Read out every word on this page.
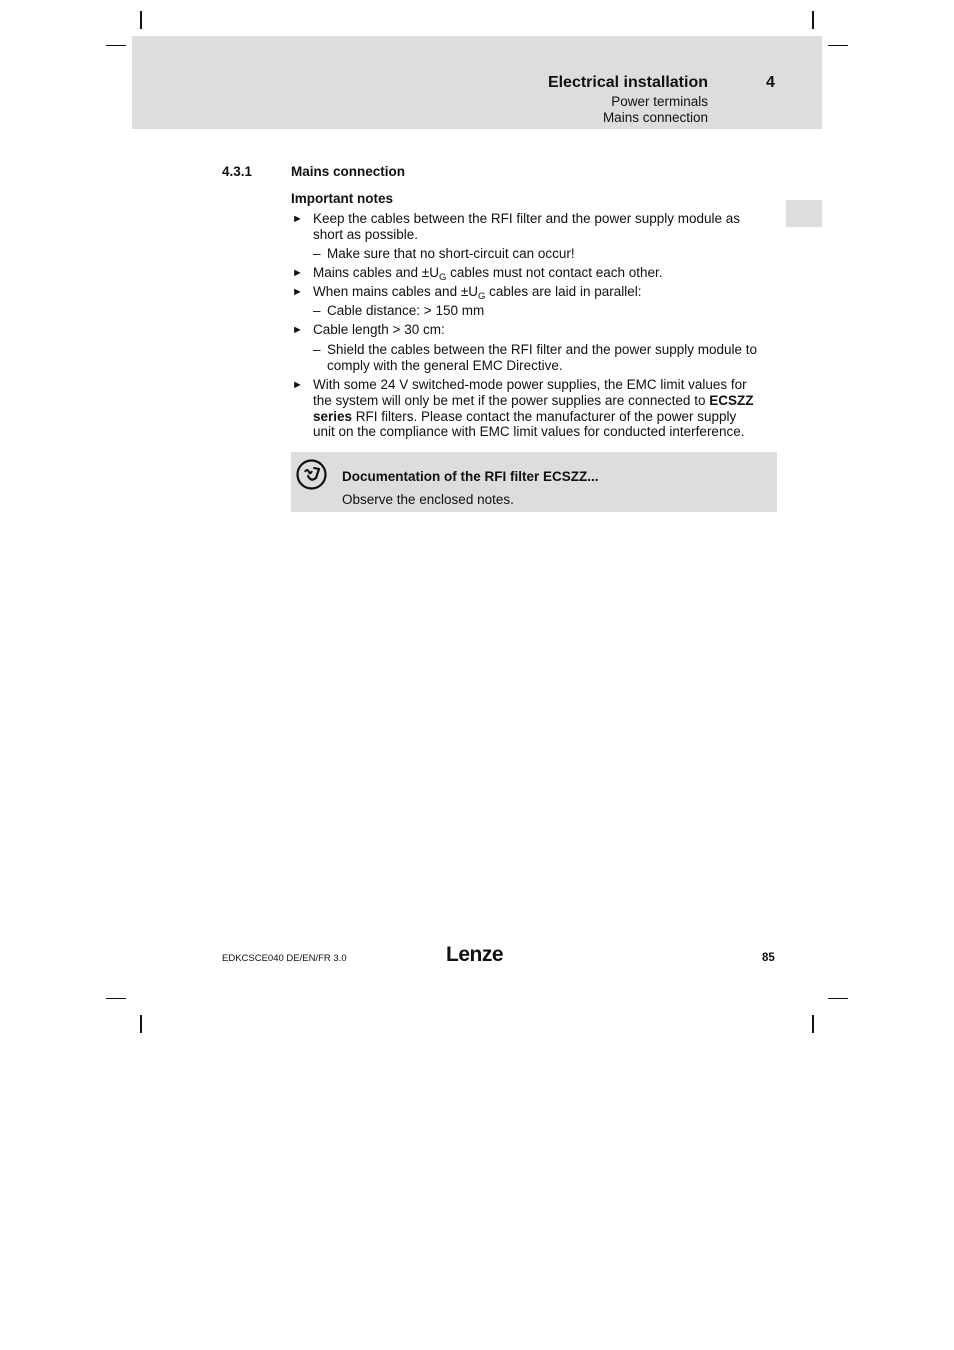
Electrical installation	4
Power terminals
Mains connection
4.3.1	Mains connection
Important notes
► Keep the cables between the RFI filter and the power supply module as
short as possible.
– Make sure that no short-circuit can occur!
► Mains cables and $\pm U_G$ cables must not contact each other.
► When mains cables and $\pm U_G$ cables are laid in parallel:
– Cable distance: > 150 mm
► Cable length > 30 cm:
– Shield the cables between the RFI filter and the power supply module to
comply with the general EMC Directive.
► With some 24 V switched-mode power supplies, the EMC limit values for
the system will only be met if the power supplies are connected to ECSZZ
series RFI filters. Please contact the manufacturer of the power supply
unit on the compliance with EMC limit values for conducted interference.
Documentation of the RFI filter ECSZZ...
Observe the enclosed notes.
EDKCSCE040 DE/EN/FR 3.0	Lenze	85
